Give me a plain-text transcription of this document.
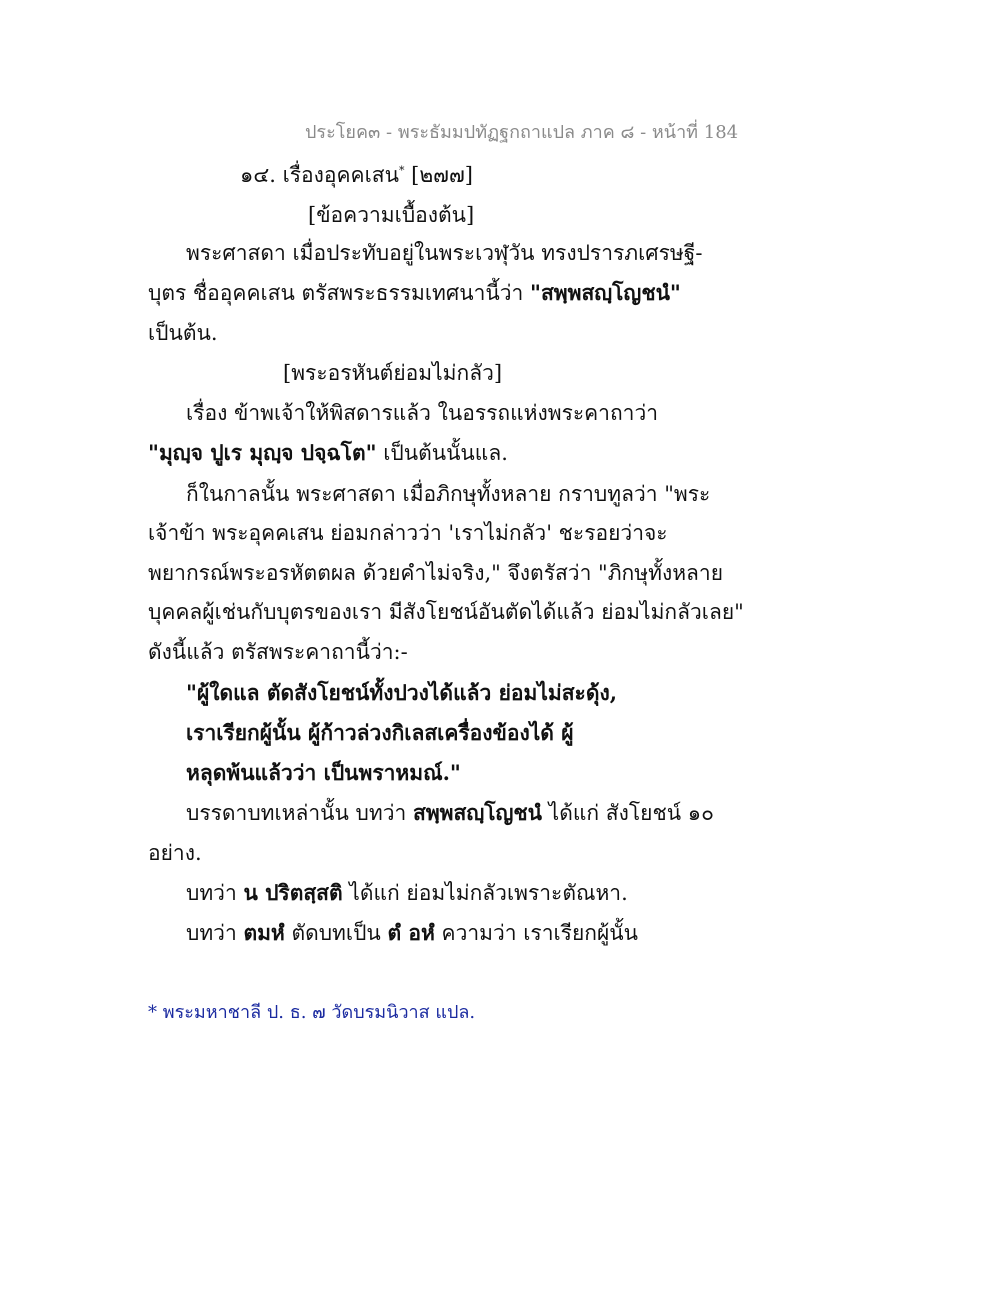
ประโยค๓ - พระธัมมปทัฏฐกถาแปล ภาค ๘ - หน้าที่ 184
๑๔. เรื่องอุคคเสน* [๒๗๗]
[ข้อความเบื้องต้น]
พระศาสดา เมื่อประทับอยู่ในพระเวฬุวัน ทรงปรารภเศรษฐี-
บุตร ชื่ออุคคเสน ตรัสพระธรรมเทศนานี้ว่า "สพฺพสญฺโญชนํ"
เป็นต้น.
[พระอรหันต์ย่อมไม่กลัว]
เรื่อง ข้าพเจ้าให้พิสดารแล้ว ในอรรถแห่งพระคาถาว่า
"มุญฺจ ปูเร มุญฺจ ปจฺฉโต" เป็นต้นนั้นแล.
ก็ในกาลนั้น พระศาสดา เมื่อภิกษุทั้งหลาย กราบทูลว่า "พระ
เจ้าข้า พระอุคคเสน ย่อมกล่าวว่า 'เราไม่กลัว' ชะรอยว่าจะ
พยากรณ์พระอรหัตตผล ด้วยคำไม่จริง," จึงตรัสว่า "ภิกษุทั้งหลาย
บุคคลผู้เช่นกับบุตรของเรา มีสังโยชน์อันตัดได้แล้ว ย่อมไม่กลัวเลย"
ดังนี้แล้ว ตรัสพระคาถานี้ว่า:-
"ผู้ใดแล ตัดสังโยชน์ทั้งปวงได้แล้ว ย่อมไม่สะดุ้ง,
เราเรียกผู้นั้น ผู้ก้าวล่วงกิเลสเครื่องข้องได้ ผู้
หลุดพ้นแล้วว่า เป็นพราหมณ์."
บรรดาบทเหล่านั้น บทว่า สพฺพสญฺโญชนํ ได้แก่ สังโยชน์ ๑๐
อย่าง.
บทว่า น ปริตสฺสติ ได้แก่ ย่อมไม่กลัวเพราะตัณหา.
บทว่า ตมหํ ตัดบทเป็น ตํ อหํ ความว่า เราเรียกผู้นั้น
* พระมหาชาลี ป. ธ. ๗ วัดบรมนิวาส แปล.
